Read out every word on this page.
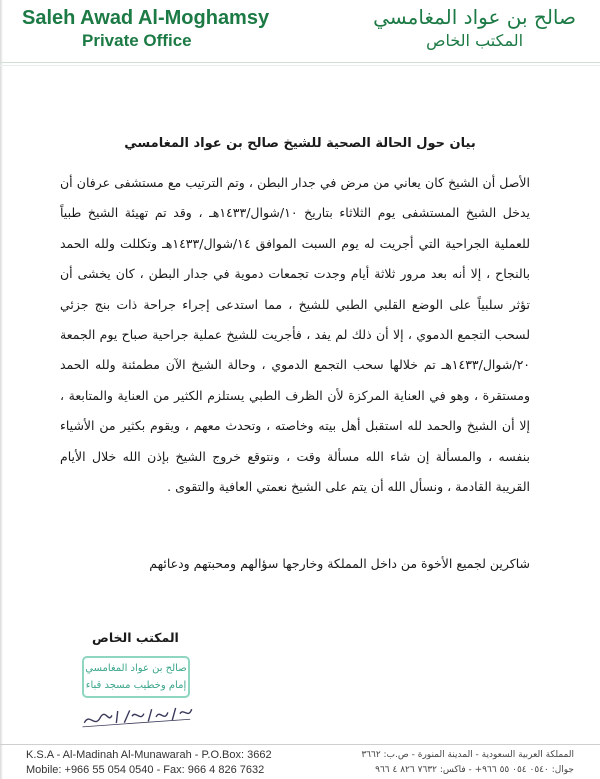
Saleh Awad Al-Moghamsy
Private Office
صالح بن عواد المغامسي
المكتب الخاص
بيان حول الحالة الصحية للشيخ صالح بن عواد المغامسي

الأصل أن الشيخ كان يعاني من مرض في جدار البطن ، وتم الترتيب مع مستشفى عرفان أن يدخل الشيخ المستشفى يوم الثلاثاء بتاريخ ١٠/شوال/١٤٣٣هـ ، وقد تم تهيئة الشيخ طبياً للعملية الجراحية التي أجريت له يوم السبت الموافق ١٤/شوال/١٤٣٣هـ وتكللت ولله الحمد بالنجاح ، إلا أنه بعد مرور ثلاثة أيام وجدت تجمعات دموية في جدار البطن ، كان يخشى أن تؤثر سلبياً على الوضع القلبي الطبي للشيخ ، مما استدعى إجراء جراحة ذات بنج جزئي لسحب التجمع الدموي ، إلا أن ذلك لم يفد ، فأجريت للشيخ عملية جراحية صباح يوم الجمعة ٢٠/شوال/١٤٣٣هـ تم خلالها سحب التجمع الدموي ، وحالة الشيخ الآن مطمئنة ولله الحمد ومستقرة ، وهو في العناية المركزة لأن الظرف الطبي يستلزم الكثير من العناية والمتابعة ، إلا أن الشيخ والحمد لله استقبل أهل بيته وخاصته ، وتحدث معهم ، ويقوم بكثير من الأشياء بنفسه ، والمسألة إن شاء الله مسألة وقت ، ونتوقع خروج الشيخ بإذن الله خلال الأيام القريبة القادمة ، ونسأل الله أن يتم على الشيخ نعمتي العافية والتقوى .

شاكرين لجميع الأخوة من داخل المملكة وخارجها سؤالهم ومحبتهم ودعائهم
المكتب الخاص
صالح بن عواد المغامسي
إمام وخطيب مسجد قباء
K.S.A - Al-Madinah Al-Munawarah - P.O.Box: 3662
Mobile: +966 55 054 0540 - Fax: 966 4 826 7632
المملكة العربية السعودية - المدينة المنورة - ص.ب: ٣٦٦٢
جوال: ٠٥٤٠ ٠٥٤ ٥٥ ٩٦٦+ - فاكس: ٧٦٣٢ ٨٢٦ ٤ ٩٦٦
